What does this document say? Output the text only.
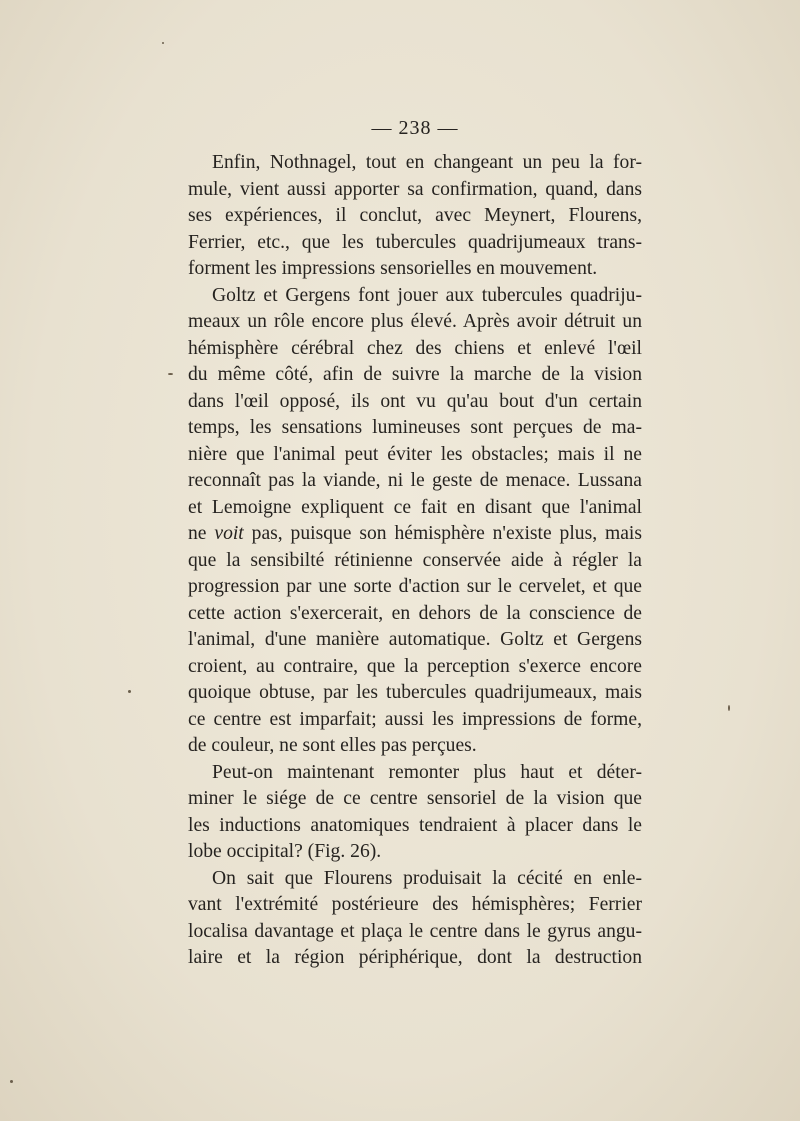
— 238 —
Enfin, Nothnagel, tout en changeant un peu la for-
mule, vient aussi apporter sa confirmation, quand, dans
ses expériences, il conclut, avec Meynert, Flourens,
Ferrier, etc., que les tubercules quadrijumeaux trans-
forment les impressions sensorielles en mouvement.
Goltz et Gergens font jouer aux tubercules quadriju-
meaux un rôle encore plus élevé. Après avoir détruit un
hémisphère cérébral chez des chiens et enlevé l'œil
du même côté, afin de suivre la marche de la vision
dans l'œil opposé, ils ont vu qu'au bout d'un certain
temps, les sensations lumineuses sont perçues de ma-
nière que l'animal peut éviter les obstacles; mais il ne
reconnaît pas la viande, ni le geste de menace. Lussana
et Lemoigne expliquent ce fait en disant que l'animal
ne voit pas, puisque son hémisphère n'existe plus, mais
que la sensibilté rétinienne conservée aide à régler la
progression par une sorte d'action sur le cervelet, et que
cette action s'exercerait, en dehors de la conscience de
l'animal, d'une manière automatique. Goltz et Gergens
croient, au contraire, que la perception s'exerce encore
quoique obtuse, par les tubercules quadrijumeaux, mais
ce centre est imparfait; aussi les impressions de forme,
de couleur, ne sont elles pas perçues.
Peut-on maintenant remonter plus haut et déter-
miner le siége de ce centre sensoriel de la vision que
les inductions anatomiques tendraient à placer dans le
lobe occipital? (Fig. 26).
On sait que Flourens produisait la cécité en enle-
vant l'extrémité postérieure des hémisphères; Ferrier
localisa davantage et plaça le centre dans le gyrus angu-
laire et la région périphérique, dont la destruction
